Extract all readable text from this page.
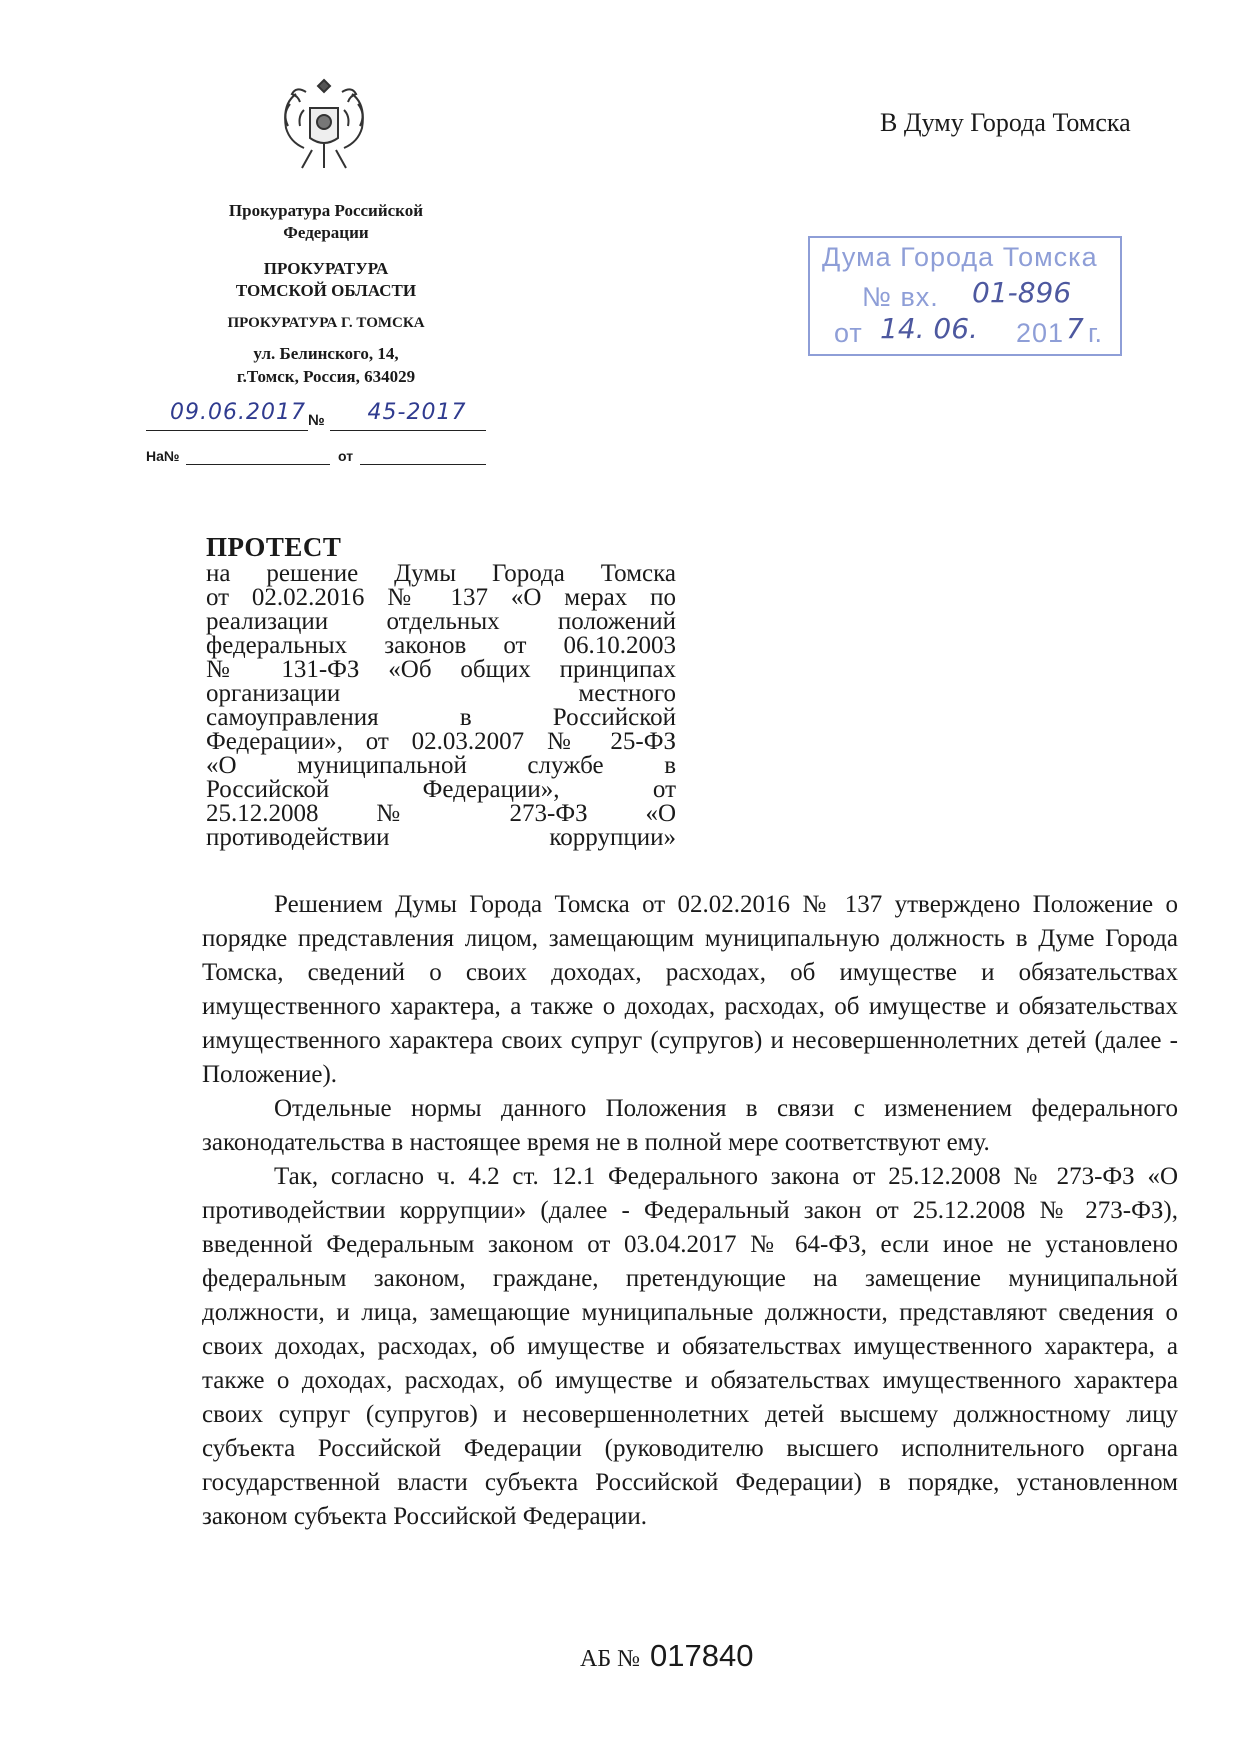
Прокуратура Российской
Федерации
ПРОКУРАТУРА
ТОМСКОЙ ОБЛАСТИ
ПРОКУРАТУРА Г. ТОМСКА
ул. Белинского, 14,
г.Томск, Россия, 634029
09.06.2017 №	45-2017
На№	от
В Думу Города Томска
Дума Города Томска
№ вх. 01-896
от 14. 06. 201 7 г.
ПРОТЕСТ
на решение Думы Города Томска
от 02.02.2016 № 137 «О мерах по
реализации отдельных положений
федеральных законов от 06.10.2003
№ 131-ФЗ «Об общих принципах
организации местного
самоуправления в Российской
Федерации», от 02.03.2007 № 25-ФЗ
«О муниципальной службе в
Российской Федерации», от
25.12.2008 № 273-ФЗ «О
противодействии коррупции»

Решением Думы Города Томска от 02.02.2016 № 137 утверждено Положение о порядке представления лицом, замещающим муниципальную должность в Думе Города Томска, сведений о своих доходах, расходах, об имуществе и обязательствах имущественного характера, а также о доходах, расходах, об имуществе и обязательствах имущественного характера своих супруг (супругов) и несовершеннолетних детей (далее - Положение).

Отдельные нормы данного Положения в связи с изменением федерального законодательства в настоящее время не в полной мере соответствуют ему.

Так, согласно ч. 4.2 ст. 12.1 Федерального закона от 25.12.2008 № 273-ФЗ «О противодействии коррупции» (далее - Федеральный закон от 25.12.2008 № 273-ФЗ), введенной Федеральным законом от 03.04.2017 № 64-ФЗ, если иное не установлено федеральным законом, граждане, претендующие на замещение муниципальной должности, и лица, замещающие муниципальные должности, представляют сведения о своих доходах, расходах, об имуществе и обязательствах имущественного характера, а также о доходах, расходах, об имуществе и обязательствах имущественного характера своих супруг (супругов) и несовершеннолетних детей высшему должностному лицу субъекта Российской Федерации (руководителю высшего исполнительного органа государственной власти субъекта Российской Федерации) в порядке, установленном законом субъекта Российской Федерации.

АБ № 017840
